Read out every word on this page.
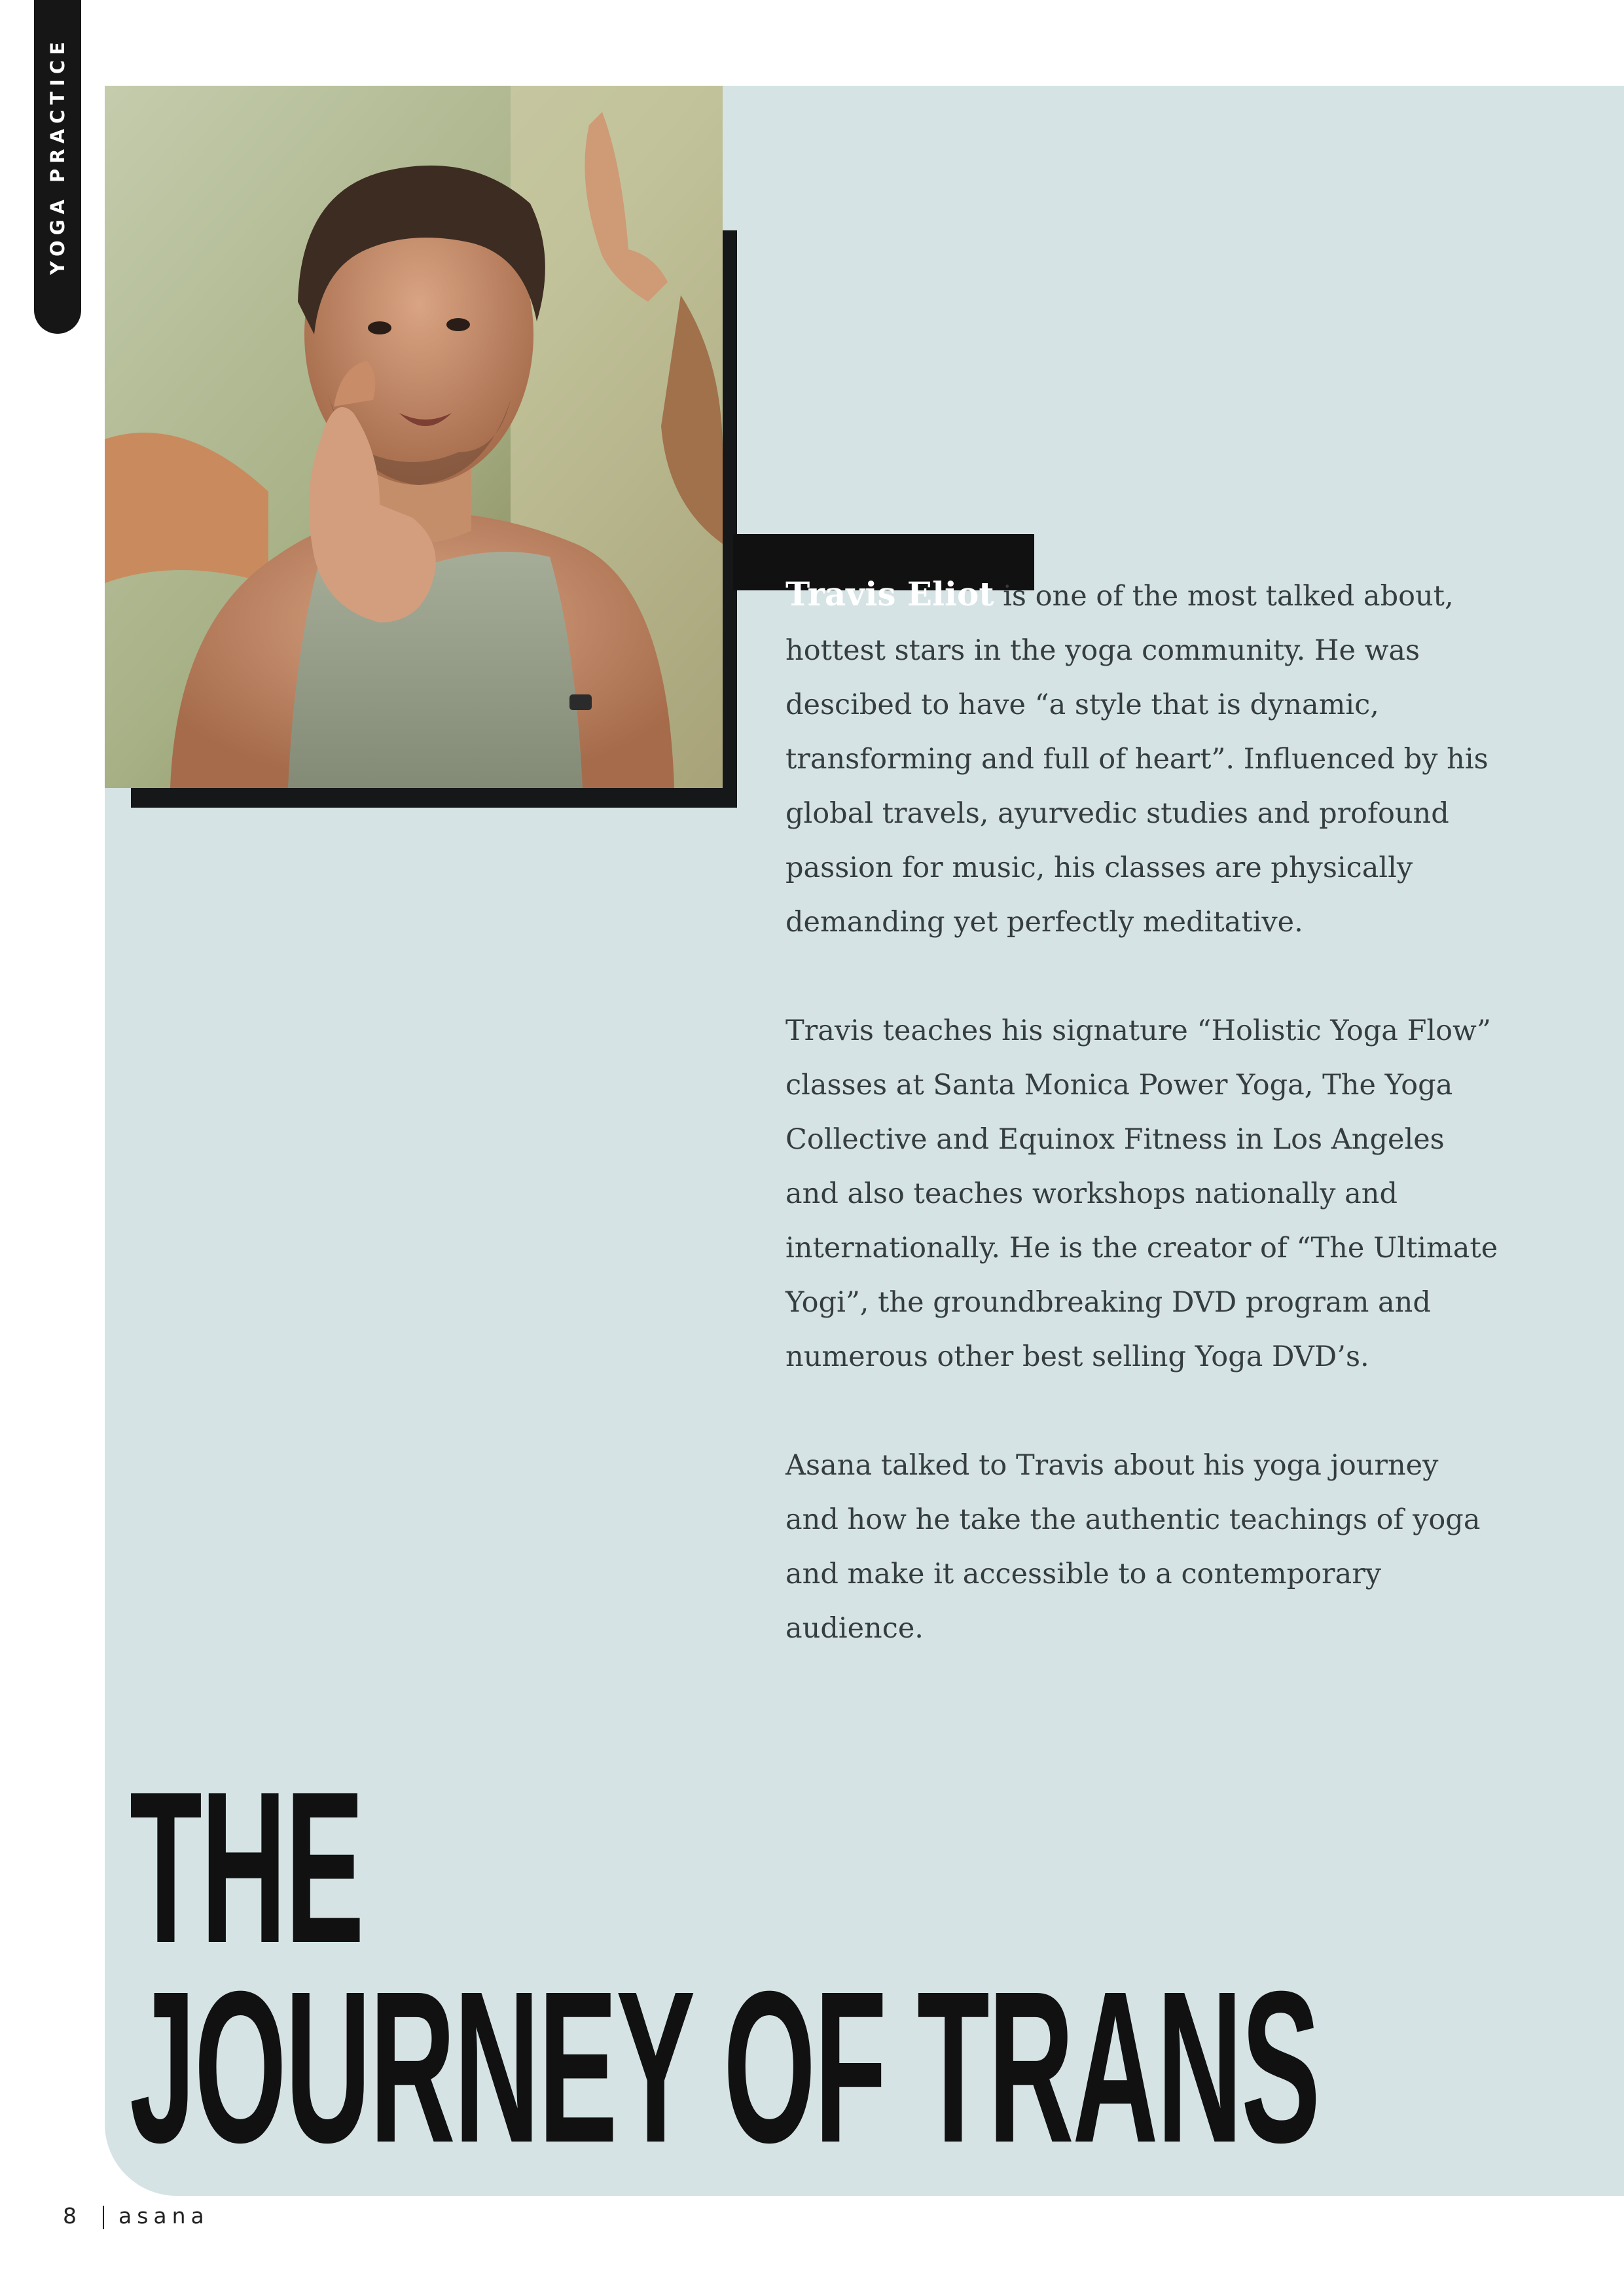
YOGA PRACTICE

Travis Eliot is one of the most talked about, hottest stars in the yoga community. He was descibed to have “a style that is dynamic, transforming and full of heart”. Influenced by his global travels, ayurvedic studies and profound passion for music, his classes are physically demanding yet perfectly meditative.

Travis teaches his signature “Holistic Yoga Flow” classes at Santa Monica Power Yoga, The Yoga Collective and Equinox Fitness in Los Angeles and also teaches workshops nationally and internationally. He is the creator of “The Ultimate Yogi”, the groundbreaking DVD program and numerous other best selling Yoga DVD’s.

Asana talked to Travis about his yoga journey and how he take the authentic teachings of yoga and make it accessible to a contemporary audience.

THE
JOURNEY OF TRANS
8 asana
